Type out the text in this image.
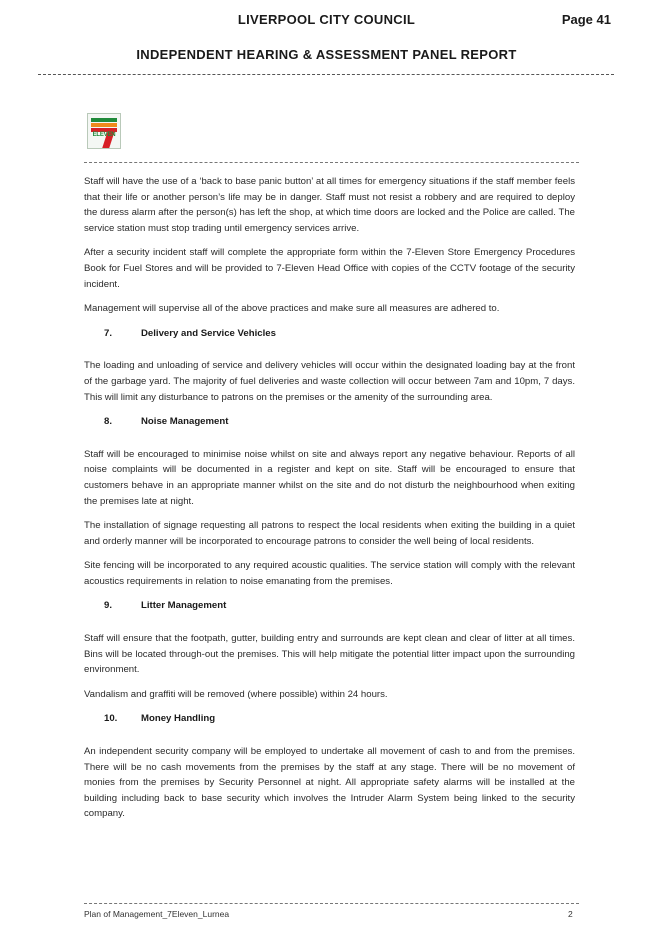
LIVERPOOL CITY COUNCIL	Page 41
INDEPENDENT HEARING & ASSESSMENT PANEL REPORT
ELEVEN

Staff will have the use of a ‘back to base panic button’ at all times for emergency situations if the staff member feels that their life or another person’s life may be in danger. Staff must not resist a robbery and are required to deploy the duress alarm after the person(s) has left the shop, at which time doors are locked and the Police are called. The service station must stop trading until emergency services arrive.

After a security incident staff will complete the appropriate form within the 7-Eleven Store Emergency Procedures Book for Fuel Stores and will be provided to 7-Eleven Head Office with copies of the CCTV footage of the security incident.

Management will supervise all of the above practices and make sure all measures are adhered to.

7.	Delivery and Service Vehicles

The loading and unloading of service and delivery vehicles will occur within the designated loading bay at the front of the garbage yard. The majority of fuel deliveries and waste collection will occur between 7am and 10pm, 7 days. This will limit any disturbance to patrons on the premises or the amenity of the surrounding area.

8.	Noise Management

Staff will be encouraged to minimise noise whilst on site and always report any negative behaviour. Reports of all noise complaints will be documented in a register and kept on site. Staff will be encouraged to ensure that customers behave in an appropriate manner whilst on the site and do not disturb the neighbourhood when exiting the premises late at night.

The installation of signage requesting all patrons to respect the local residents when exiting the building in a quiet and orderly manner will be incorporated to encourage patrons to consider the well being of local residents.

Site fencing will be incorporated to any required acoustic qualities. The service station will comply with the relevant acoustics requirements in relation to noise emanating from the premises.

9.	Litter Management

Staff will ensure that the footpath, gutter, building entry and surrounds are kept clean and clear of litter at all times. Bins will be located through-out the premises. This will help mitigate the potential litter impact upon the surrounding environment.

Vandalism and graffiti will be removed (where possible) within 24 hours.

10.	Money Handling

An independent security company will be employed to undertake all movement of cash to and from the premises. There will be no cash movements from the premises by the staff at any stage. There will be no movement of monies from the premises by Security Personnel at night. All appropriate safety alarms will be installed at the building including back to base security which involves the Intruder Alarm System being linked to the security company.

Plan of Management_7Eleven_Lurnea	2
